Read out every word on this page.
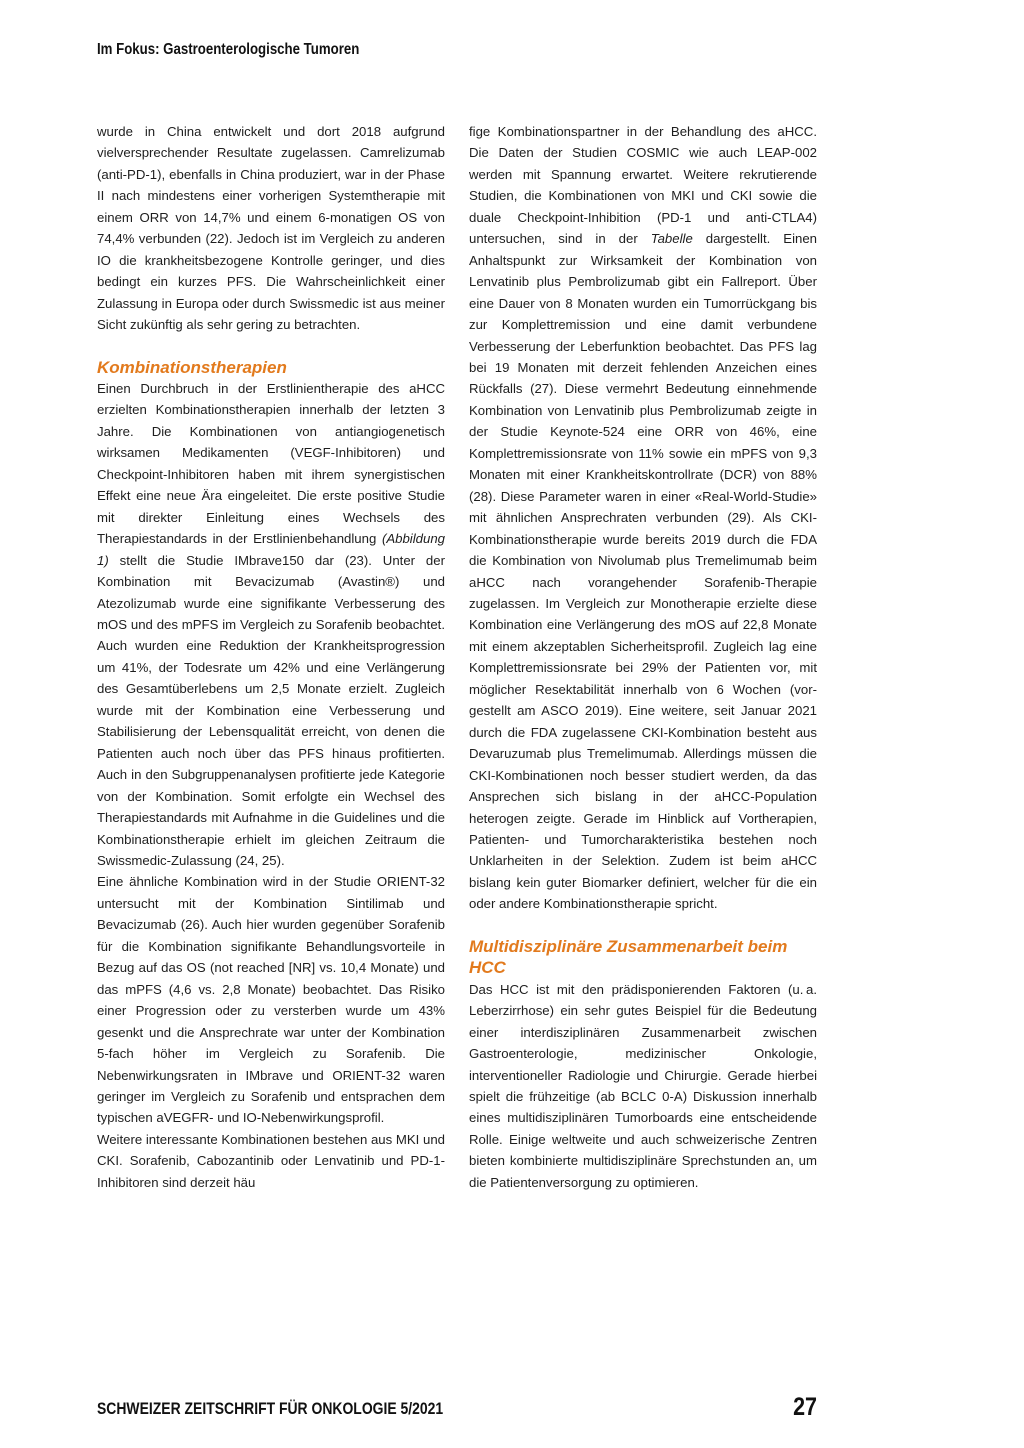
Im Fokus: Gastroenterologische Tumoren

wurde in China entwickelt und dort 2018 aufgrund vielversprechender Resultate zugelassen. Camrelizumab (anti-PD-1), ebenfalls in China produziert, war in der Phase II nach mindestens einer vorherigen Systemtherapie mit einem ORR von 14,7% und einem 6-monatigen OS von 74,4% verbunden (22). Jedoch ist im Vergleich zu anderen IO die krankheitsbezogene Kontrolle geringer, und dies bedingt ein kurzes PFS. Die Wahrscheinlichkeit einer Zulassung in Europa oder durch Swissmedic ist aus meiner Sicht zukünftig als sehr gering zu betrachten.

Kombinationstherapien

Einen Durchbruch in der Erstlinientherapie des aHCC erzielten Kombinationstherapien innerhalb der letzten 3 Jahre. Die Kombinationen von antiangiogenetisch wirksamen Medikamenten (VEGF-Inhibitoren) und Checkpoint-Inhibitoren haben mit ihrem synergistischen Effekt eine neue Ära eingeleitet. Die erste positive Studie mit direkter Einleitung eines Wechsels des Therapiestandards in der Erstlinienbehandlung (Abbildung 1) stellt die Studie IMbrave150 dar (23). Unter der Kombination mit Bevacizumab (Avastin®) und Atezolizumab wurde eine signifikante Verbesserung des mOS und des mPFS im Vergleich zu Sorafenib beobachtet. Auch wurden eine Reduktion der Krankheitsprogression um 41%, der Todesrate um 42% und eine Verlängerung des Gesamtüberlebens um 2,5 Monate erzielt. Zugleich wurde mit der Kombination eine Verbesserung und Stabilisierung der Lebensqualität erreicht, von denen die Patienten auch noch über das PFS hinaus profitierten. Auch in den Subgruppenanalysen profitierte jede Kategorie von der Kombination. Somit erfolgte ein Wechsel des Therapiestandards mit Aufnahme in die Guidelines und die Kombinationstherapie erhielt im gleichen Zeitraum die Swissmedic-Zulassung (24, 25).

Eine ähnliche Kombination wird in der Studie ORIENT-32 untersucht mit der Kombination Sintilimab und Bevacizumab (26). Auch hier wurden gegenüber Sorafenib für die Kombination signifikante Behandlungsvorteile in Bezug auf das OS (not reached [NR] vs. 10,4 Monate) und das mPFS (4,6 vs. 2,8 Monate) beobachtet. Das Risiko einer Progression oder zu versterben wurde um 43% gesenkt und die Ansprechrate war unter der Kombination 5-fach höher im Vergleich zu Sorafenib. Die Nebenwirkungsraten in IMbrave und ORIENT-32 waren geringer im Vergleich zu Sorafenib und entsprachen dem typischen aVEGFR- und IO-Nebenwirkungsprofil.

Weitere interessante Kombinationen bestehen aus MKI und CKI. Sorafenib, Cabozantinib oder Lenvatinib und PD-1-Inhibitoren sind derzeit häu

fige Kombinationspartner in der Behandlung des aHCC. Die Daten der Studien COSMIC wie auch LEAP-002 werden mit Spannung erwartet. Weitere rekrutierende Studien, die Kombinationen von MKI und CKI sowie die duale Checkpoint-Inhibition (PD-1 und anti-CTLA4) untersuchen, sind in der Tabelle dargestellt. Einen Anhaltspunkt zur Wirksamkeit der Kombination von Lenvatinib plus Pembrolizumab gibt ein Fallreport. Über eine Dauer von 8 Monaten wurden ein Tumorrückgang bis zur Komplettremission und eine damit verbundene Verbesserung der Leberfunktion beobachtet. Das PFS lag bei 19 Monaten mit derzeit fehlenden Anzeichen eines Rückfalls (27). Diese vermehrt Bedeutung einnehmende Kombination von Lenvatinib plus Pembrolizumab zeigte in der Studie Keynote-524 eine ORR von 46%, eine Komplettremissionsrate von 11% sowie ein mPFS von 9,3 Monaten mit einer Krankheitskontrollrate (DCR) von 88% (28). Diese Parameter waren in einer «Real-World-Studie» mit ähnlichen Ansprechraten verbunden (29). Als CKI-Kombinationstherapie wurde bereits 2019 durch die FDA die Kombination von Nivolumab plus Tremelimumab beim aHCC nach vorangehender Sorafenib-Therapie zugelassen. Im Vergleich zur Monotherapie erzielte diese Kombination eine Verlängerung des mOS auf 22,8 Monate mit einem akzeptablen Sicherheitsprofil. Zugleich lag eine Komplettremissionsrate bei 29% der Patienten vor, mit möglicher Resektabilität innerhalb von 6 Wochen (vorgestellt am ASCO 2019). Eine weitere, seit Januar 2021 durch die FDA zugelassene CKI-Kombination besteht aus Devaruzumab plus Tremelimumab. Allerdings müssen die CKI-Kombinationen noch besser studiert werden, da das Ansprechen sich bislang in der aHCC-Population heterogen zeigte. Gerade im Hinblick auf Vortherapien, Patienten- und Tumorcharakteristika bestehen noch Unklarheiten in der Selektion. Zudem ist beim aHCC bislang kein guter Biomarker definiert, welcher für die ein oder andere Kombinationstherapie spricht.

Multidisziplinäre Zusammenarbeit beim HCC

Das HCC ist mit den prädisponierenden Faktoren (u. a. Leberzirrhose) ein sehr gutes Beispiel für die Bedeutung einer interdisziplinären Zusammenarbeit zwischen Gastroenterologie, medizinischer Onkologie, interventioneller Radiologie und Chirurgie. Gerade hierbei spielt die frühzeitige (ab BCLC 0-A) Diskussion innerhalb eines multidisziplinären Tumorboards eine entscheidende Rolle. Einige weltweite und auch schweizerische Zentren bieten kombinierte multidisziplinäre Sprechstunden an, um die Patientenversorgung zu optimieren.

SCHWEIZER ZEITSCHRIFT FÜR ONKOLOGIE 5/2021	27
